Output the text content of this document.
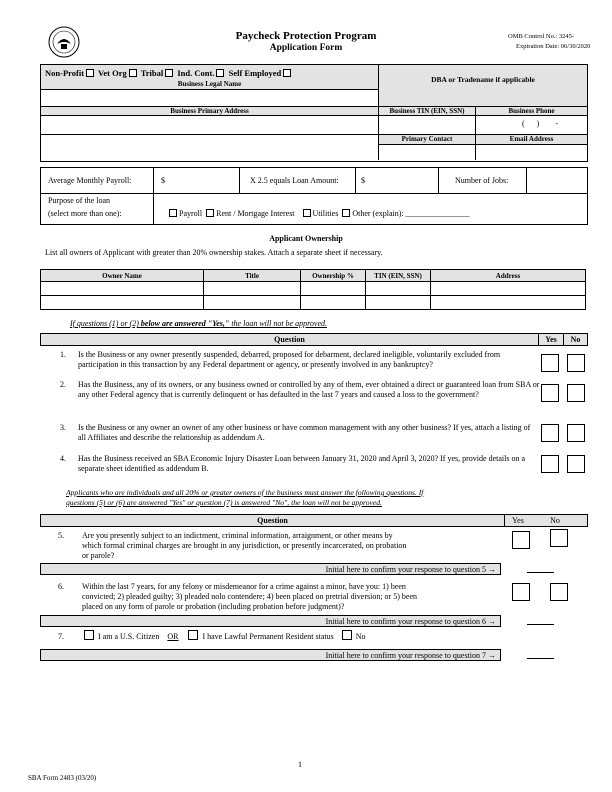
Paycheck Protection Program
Application Form
OMB Control No.: 3245-
Expiration Date: 06/30/2020
Non-Profit Vet Org Tribal Ind. Cont. Self Employed
Business Legal Name	DBA or Tradename if applicable
Business Primary Address	Business TIN (EIN, SSN)	Business Phone
(      )        -
Primary Contact	Email Address
Average Monthly Payroll:	$	X 2.5 equals Loan Amount:	$	Number of Jobs:
Purpose of the loan
(select more than one):	Payroll Rent / Mortgage Interest Utilities Other (explain): ________________
Applicant Ownership
List all owners of Applicant with greater than 20% ownership stakes. Attach a separate sheet if necessary.
Owner Name	Title	Ownership %	TIN (EIN, SSN)	Address

If questions (1) or (2) below are answered "Yes," the loan will not be approved.
Question	Yes	No
1. Is the Business or any owner presently suspended, debarred, proposed for debarment, declared ineligible, voluntarily excluded from participation in this transaction by any Federal department or agency, or presently involved in any bankruptcy?
2. Has the Business, any of its owners, or any business owned or controlled by any of them, ever obtained a direct or guaranteed loan from SBA or any other Federal agency that is currently delinquent or has defaulted in the last 7 years and caused a loss to the government?
3. Is the Business or any owner an owner of any other business or have common management with any other business? If yes, attach a listing of all Affiliates and describe the relationship as addendum A.
4. Has the Business received an SBA Economic Injury Disaster Loan between January 31, 2020 and April 3, 2020? If yes, provide details on a separate sheet identified as addendum B.
Applicants who are individuals and all 20% or greater owners of the business must answer the following questions. If
questions (5) or (6) are answered "Yes" or question (7) is answered "No", the loan will not be approved.
Question	Yes	No
5. Are you presently subject to an indictment, criminal information, arraignment, or other means by
which formal criminal charges are brought in any jurisdiction, or presently incarcerated, on probation
or parole?
Initial here to confirm your response to question 5 →
6. Within the last 7 years, for any felony or misdemeanor for a crime against a minor, have you: 1) been
convicted; 2) pleaded guilty; 3) pleaded nolo contendere; 4) been placed on pretrial diversion; or 5) been
placed on any form of parole or probation (including probation before judgment)?
Initial here to confirm your response to question 6 →
7.	I am a U.S. Citizen OR	I have Lawful Permanent Resident status	No
Initial here to confirm your response to question 7 →
1
SBA Form 2483 (03/20)
